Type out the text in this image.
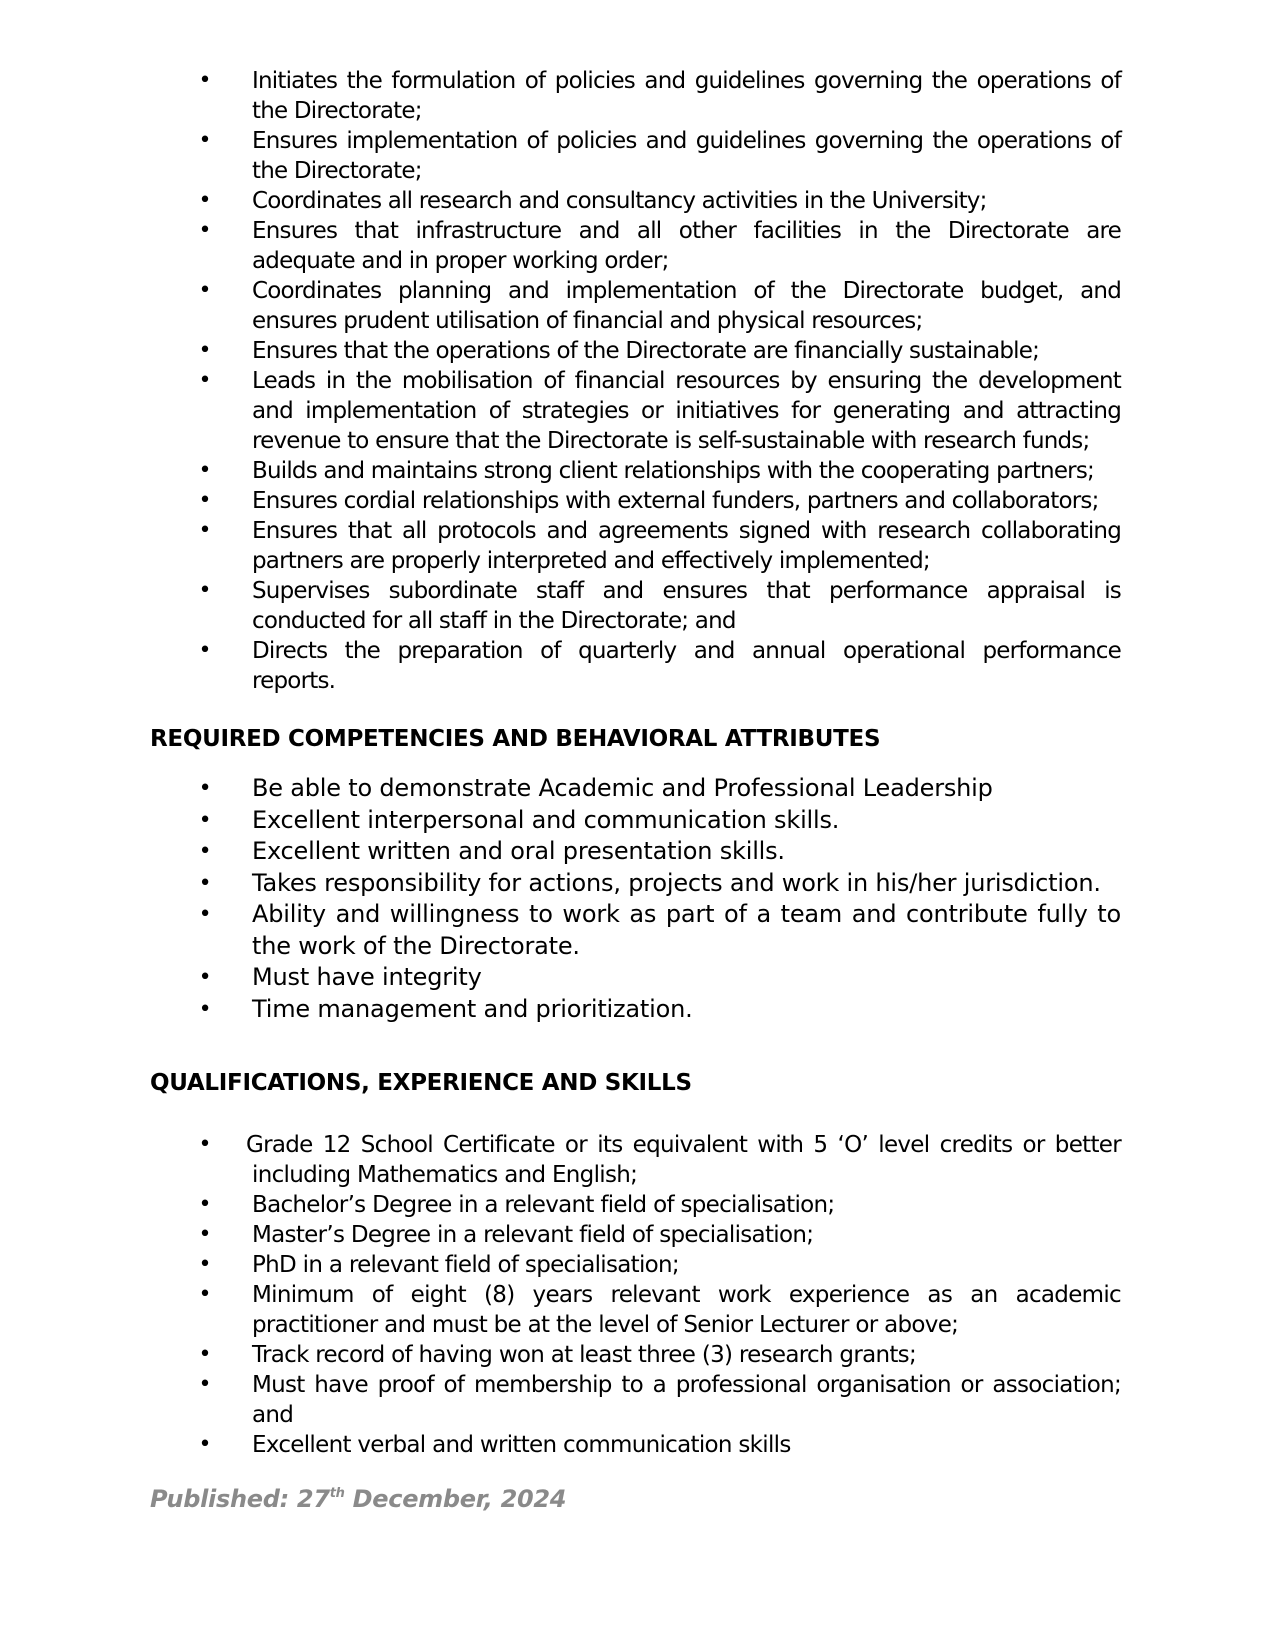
• Initiates the formulation of policies and guidelines governing the operations of the Directorate;
• Ensures implementation of policies and guidelines governing the operations of the Directorate;
• Coordinates all research and consultancy activities in the University;
• Ensures that infrastructure and all other facilities in the Directorate are adequate and in proper working order;
• Coordinates planning and implementation of the Directorate budget, and ensures prudent utilisation of financial and physical resources;
• Ensures that the operations of the Directorate are financially sustainable;
• Leads in the mobilisation of financial resources by ensuring the development and implementation of strategies or initiatives for generating and attracting revenue to ensure that the Directorate is self-sustainable with research funds;
• Builds and maintains strong client relationships with the cooperating partners;
• Ensures cordial relationships with external funders, partners and collaborators;
• Ensures that all protocols and agreements signed with research collaborating partners are properly interpreted and effectively implemented;
• Supervises subordinate staff and ensures that performance appraisal is conducted for all staff in the Directorate; and
• Directs the preparation of quarterly and annual operational performance reports.
REQUIRED COMPETENCIES AND BEHAVIORAL ATTRIBUTES
• Be able to demonstrate Academic and Professional Leadership
• Excellent interpersonal and communication skills.
• Excellent written and oral presentation skills.
• Takes responsibility for actions, projects and work in his/her jurisdiction.
• Ability and willingness to work as part of a team and contribute fully to the work of the Directorate.
• Must have integrity
• Time management and prioritization.
QUALIFICATIONS, EXPERIENCE AND SKILLS
• Grade 12 School Certificate or its equivalent with 5 ‘O’ level credits or better including Mathematics and English;
• Bachelor’s Degree in a relevant field of specialisation;
• Master’s Degree in a relevant field of specialisation;
• PhD in a relevant field of specialisation;
• Minimum of eight (8) years relevant work experience as an academic practitioner and must be at the level of Senior Lecturer or above;
• Track record of having won at least three (3) research grants;
• Must have proof of membership to a professional organisation or association; and
• Excellent verbal and written communication skills
Published: 27th December, 2024
